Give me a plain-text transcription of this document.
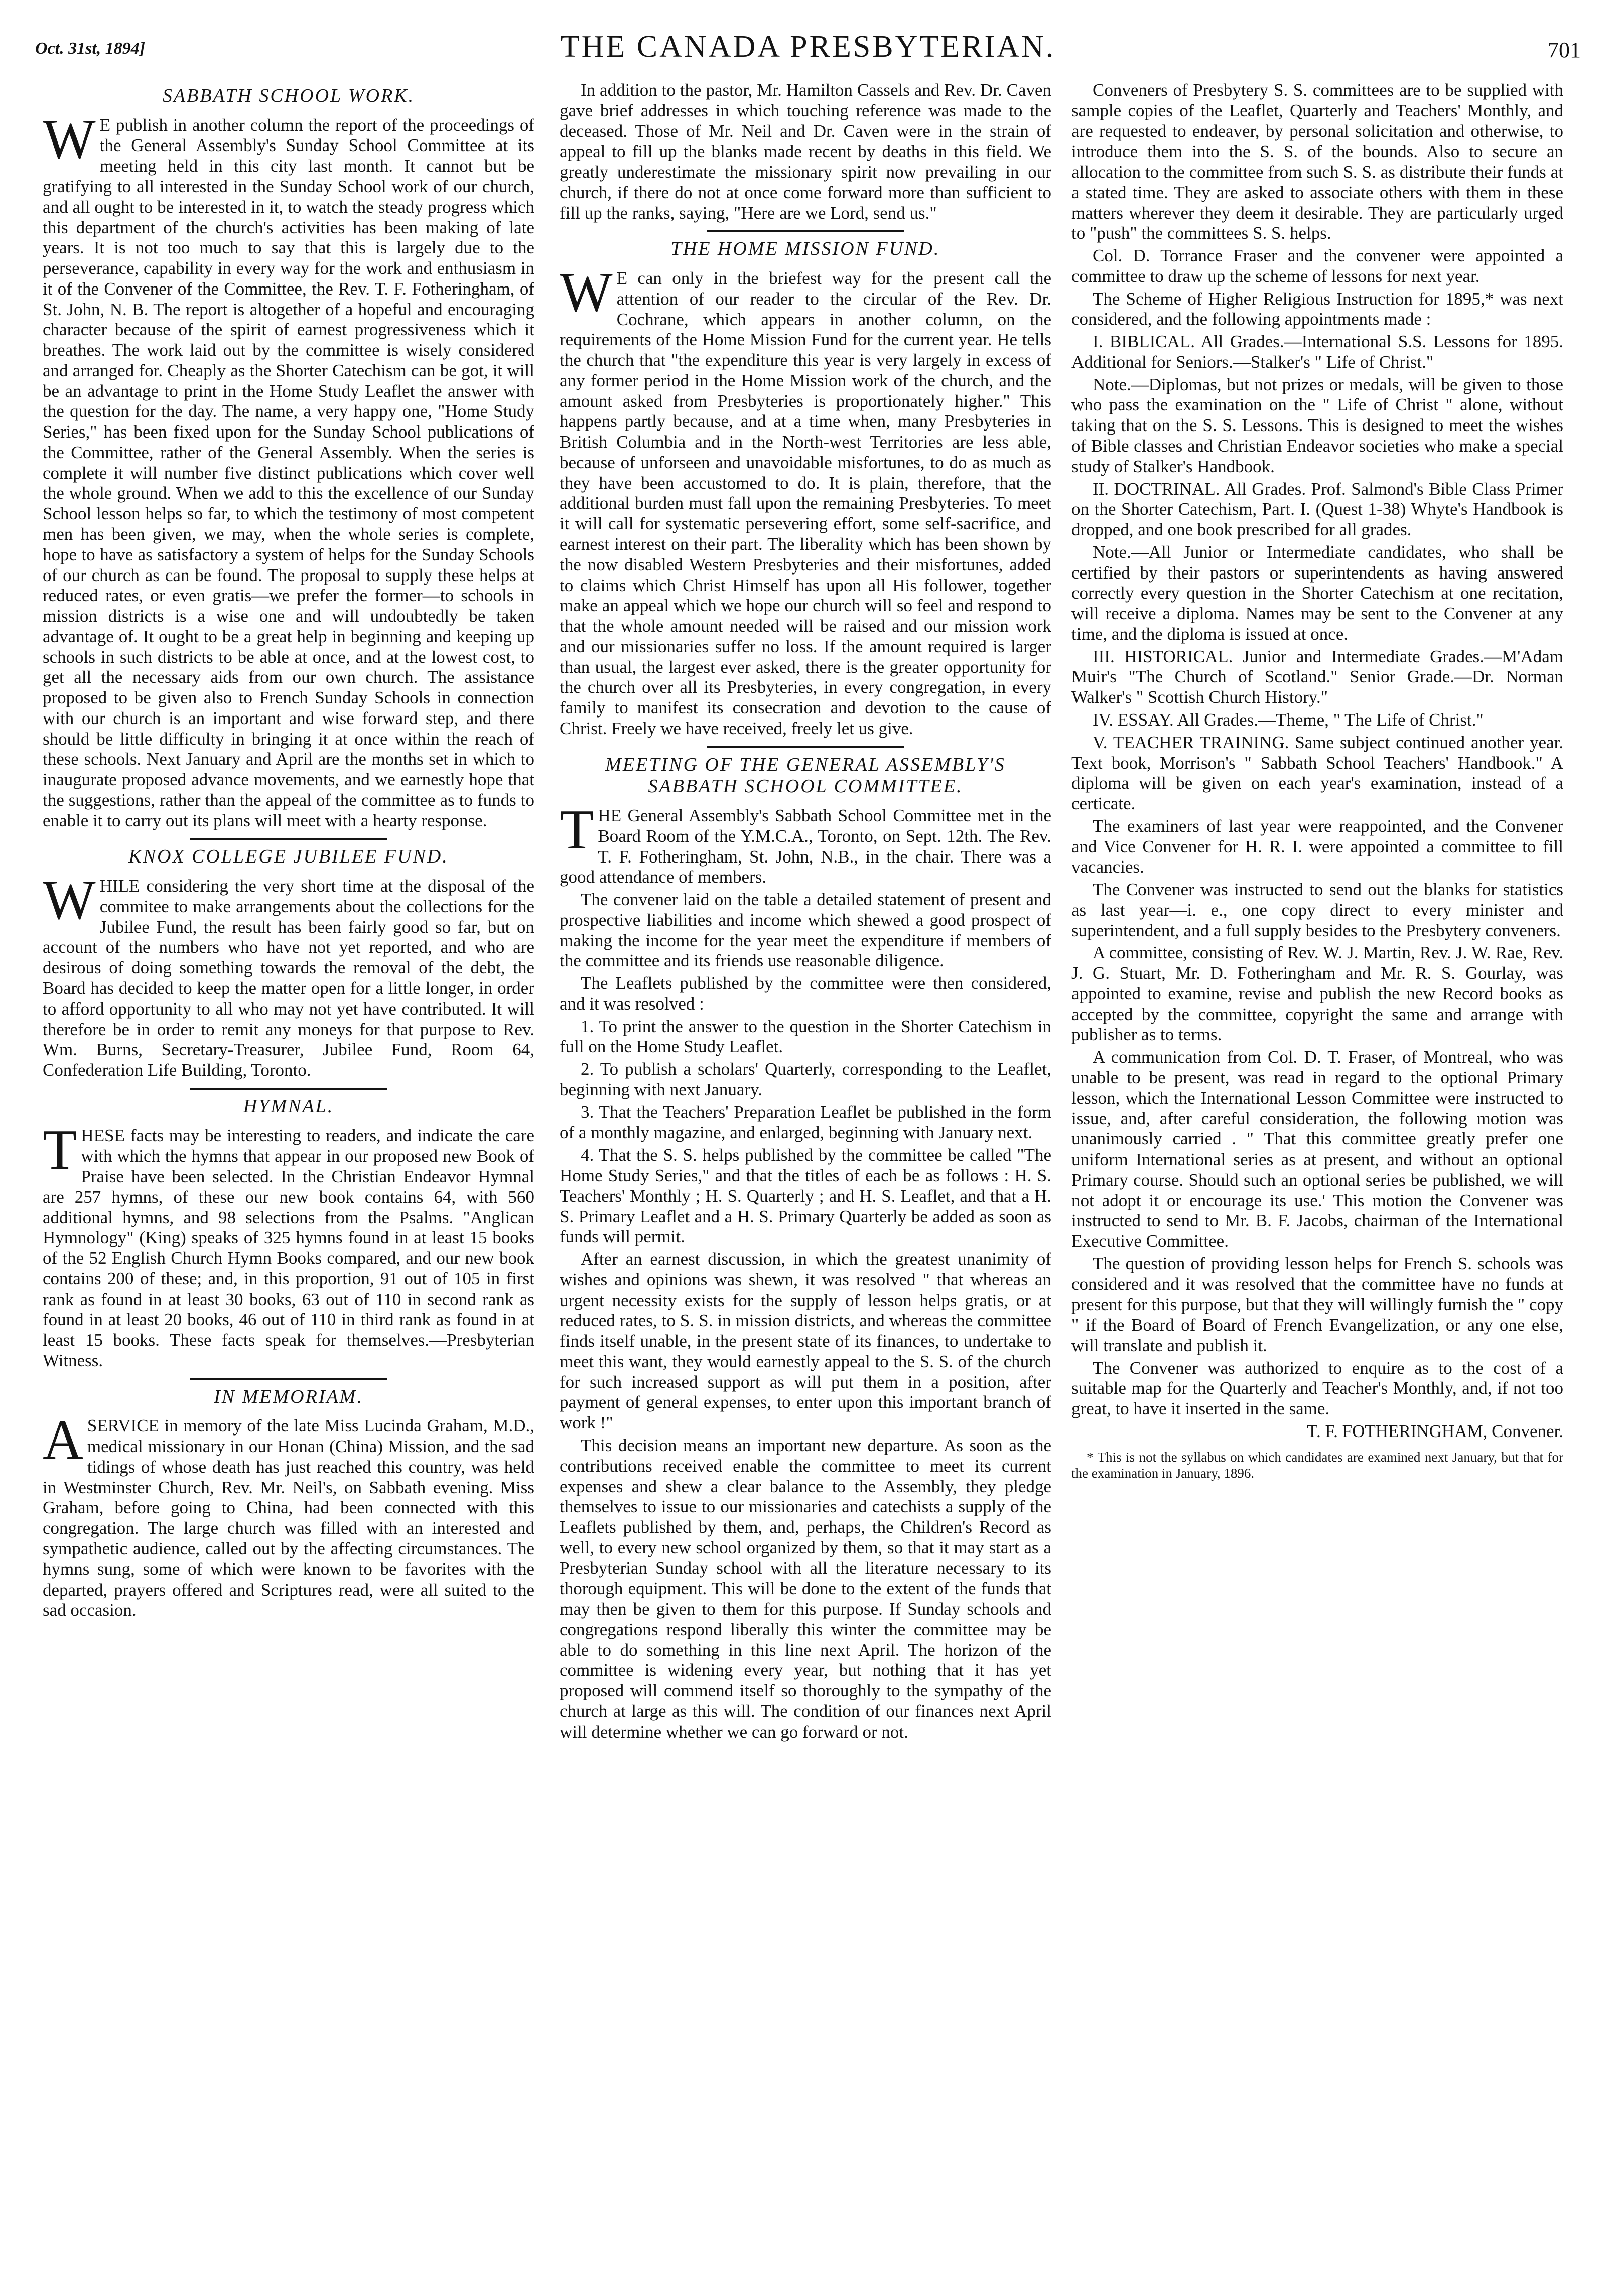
Oct. 31st, 1894]	THE CANADA PRESBYTERIAN.	701
SABBATH SCHOOL WORK.

W E publish in another column the report of the proceedings of the General Assembly's Sunday School Committee at its meeting held in this city last month. It cannot but be gratifying to all interested in the Sunday School work of our church, and all ought to be interested in it, to watch the steady progress which this department of the church's activities has been making of late years. It is not too much to say that this is largely due to the perseverance, capability in every way for the work and enthusiasm in it of the Convener of the Committee, the Rev. T. F. Fotheringham, of St. John, N. B. The report is altogether of a hopeful and encouraging character because of the spirit of earnest progressiveness which it breathes. The work laid out by the committee is wisely considered and arranged for. Cheaply as the Shorter Catechism can be got, it will be an advantage to print in the Home Study Leaflet the answer with the question for the day. The name, a very happy one, "Home Study Series," has been fixed upon for the Sunday School publications of the Committee, rather of the General Assembly. When the series is complete it will number five distinct publications which cover well the whole ground. When we add to this the excellence of our Sunday School lesson helps so far, to which the testimony of most competent men has been given, we may, when the whole series is complete, hope to have as satisfactory a system of helps for the Sunday Schools of our church as can be found. The proposal to supply these helps at reduced rates, or even gratis—we prefer the former—to schools in mission districts is a wise one and will undoubtedly be taken advantage of. It ought to be a great help in beginning and keeping up schools in such districts to be able at once, and at the lowest cost, to get all the necessary aids from our own church. The assistance proposed to be given also to French Sunday Schools in connection with our church is an important and wise forward step, and there should be little difficulty in bringing it at once within the reach of these schools. Next January and April are the months set in which to inaugurate proposed advance movements, and we earnestly hope that the suggestions, rather than the appeal of the committee as to funds to enable it to carry out its plans will meet with a hearty response.

KNOX COLLEGE JUBILEE FUND.

WHILE considering the very short time at the disposal of the commitee to make arrangements about the collections for the Jubilee Fund, the result has been fairly good so far, but on account of the numbers who have not yet reported, and who are desirous of doing something towards the removal of the debt, the Board has decided to keep the matter open for a little longer, in order to afford opportunity to all who may not yet have contributed. It will therefore be in order to remit any moneys for that purpose to Rev. Wm. Burns, Secretary-Treasurer, Jubilee Fund, Room 64, Confederation Life Building, Toronto.

HYMNAL.

THESE facts may be interesting to readers, and indicate the care with which the hymns that appear in our proposed new Book of Praise have been selected. In the Christian Endeavor Hymnal are 257 hymns, of these our new book contains 64, with 560 additional hymns, and 98 selections from the Psalms. "Anglican Hymnology" (King) speaks of 325 hymns found in at least 15 books of the 52 English Church Hymn Books compared, and our new book contains 200 of these; and, in this proportion, 91 out of 105 in first rank as found in at least 30 books, 63 out of 110 in second rank as found in at least 20 books, 46 out of 110 in third rank as found in at least 15 books. These facts speak for themselves.—Presbyterian Witness.

IN MEMORIAM.

A SERVICE in memory of the late Miss Lucinda Graham, M.D., medical missionary in our Honan (China) Mission, and the sad tidings of whose death has just reached this country, was held in Westminster Church, Rev. Mr. Neil's, on Sabbath evening. Miss Graham, before going to China, had been connected with this congregation. The large church was filled with an interested and sympathetic audience, called out by the affecting circumstances. The hymns sung, some of which were known to be favorites with the departed, prayers offered and Scriptures read, were all suited to the sad occasion.

In addition to the pastor, Mr. Hamilton Cassels and Rev. Dr. Caven gave brief addresses in which touching reference was made to the deceased. Those of Mr. Neil and Dr. Caven were in the strain of appeal to fill up the blanks made recent by deaths in this field. We greatly underestimate the missionary spirit now prevailing in our church, if there do not at once come forward more than sufficient to fill up the ranks, saying, "Here are we Lord, send us."

THE HOME MISSION FUND.

W E can only in the briefest way for the present call the attention of our reader to the circular of the Rev. Dr. Cochrane, which appears in another column, on the requirements of the Home Mission Fund for the current year. He tells the church that "the expenditure this year is very largely in excess of any former period in the Home Mission work of the church, and the amount asked from Presbyteries is proportionately higher." This happens partly because, and at a time when, many Presbyteries in British Columbia and in the North-west Territories are less able, because of unforseen and unavoidable misfortunes, to do as much as they have been accustomed to do. It is plain, therefore, that the additional burden must fall upon the remaining Presbyteries. To meet it will call for systematic persevering effort, some self-sacrifice, and earnest interest on their part. The liberality which has been shown by the now disabled Western Presbyteries and their misfortunes, added to claims which Christ Himself has upon all His follower, together make an appeal which we hope our church will so feel and respond to that the whole amount needed will be raised and our mission work and our missionaries suffer no loss. If the amount required is larger than usual, the largest ever asked, there is the greater opportunity for the church over all its Presbyteries, in every congregation, in every family to manifest its consecration and devotion to the cause of Christ. Freely we have received, freely let us give.

MEETING OF THE GENERAL ASSEMBLY'S SABBATH SCHOOL COMMITTEE.

THE General Assembly's Sabbath School Committee met in the Board Room of the Y.M.C.A., Toronto, on Sept. 12th. The Rev. T. F. Fotheringham, St. John, N.B., in the chair. There was a good attendance of members.

The convener laid on the table a detailed statement of present and prospective liabilities and income which shewed a good prospect of making the income for the year meet the expenditure if members of the committee and its friends use reasonable diligence.

The Leaflets published by the committee were then considered, and it was resolved :

1. To print the answer to the question in the Shorter Catechism in full on the Home Study Leaflet.

2. To publish a scholars' Quarterly, corresponding to the Leaflet, beginning with next January.

3. That the Teachers' Preparation Leaflet be published in the form of a monthly magazine, and enlarged, beginning with January next.

4. That the S. S. helps published by the committee be called "The Home Study Series," and that the titles of each be as follows : H. S. Teachers' Monthly ; H. S. Quarterly ; and H. S. Leaflet, and that a H. S. Primary Leaflet and a H. S. Primary Quarterly be added as soon as funds will permit.

After an earnest discussion, in which the greatest unanimity of wishes and opinions was shewn, it was resolved " that whereas an urgent necessity exists for the supply of lesson helps gratis, or at reduced rates, to S. S. in mission districts, and whereas the committee finds itself unable, in the present state of its finances, to undertake to meet this want, they would earnestly appeal to the S. S. of the church for such increased support as will put them in a position, after payment of general expenses, to enter upon this important branch of work !"

This decision means an important new departure. As soon as the contributions received enable the committee to meet its current expenses and shew a clear balance to the Assembly, they pledge themselves to issue to our missionaries and catechists a supply of the Leaflets published by them, and, perhaps, the Children's Record as well, to every new school organized by them, so that it may start as a Presbyterian Sunday school with all the literature necessary to its thorough equipment. This will be done to the extent of the funds that may then be given to them for this purpose. If Sunday schools and congregations respond liberally this winter the committee may be able to do something in this line next April. The horizon of the committee is widening every year, but nothing that it has yet proposed will commend itself so thoroughly to the sympathy of the church at large as this will. The condition of our finances next April will determine whether we can go forward or not.

Conveners of Presbytery S. S. committees are to be supplied with sample copies of the Leaflet, Quarterly and Teachers' Monthly, and are requested to endeaver, by personal solicitation and otherwise, to introduce them into the S. S. of the bounds. Also to secure an allocation to the committee from such S. S. as distribute their funds at a stated time. They are asked to associate others with them in these matters wherever they deem it desirable. They are particularly urged to "push" the committees S. S. helps.

Col. D. Torrance Fraser and the convener were appointed a committee to draw up the scheme of lessons for next year.

The Scheme of Higher Religious Instruction for 1895,* was next considered, and the following appointments made :

I. BIBLICAL. All Grades.—International S.S. Lessons for 1895. Additional for Seniors.—Stalker's " Life of Christ."

Note.—Diplomas, but not prizes or medals, will be given to those who pass the examination on the " Life of Christ " alone, without taking that on the S. S. Lessons. This is designed to meet the wishes of Bible classes and Christian Endeavor societies who make a special study of Stalker's Handbook.

II. DOCTRINAL. All Grades. Prof. Salmond's Bible Class Primer on the Shorter Catechism, Part. I. (Quest 1-38) Whyte's Handbook is dropped, and one book prescribed for all grades.

Note.—All Junior or Intermediate candidates, who shall be certified by their pastors or superintendents as having answered correctly every question in the Shorter Catechism at one recitation, will receive a diploma. Names may be sent to the Convener at any time, and the diploma is issued at once.

III. HISTORICAL. Junior and Intermediate Grades.—M'Adam Muir's "The Church of Scotland." Senior Grade.—Dr. Norman Walker's " Scottish Church History."

IV. ESSAY. All Grades.—Theme, " The Life of Christ."

V. TEACHER TRAINING. Same subject continued another year. Text book, Morrison's " Sabbath School Teachers' Handbook." A diploma will be given on each year's examination, instead of a certicate.

The examiners of last year were reappointed, and the Convener and Vice Convener for H. R. I. were appointed a committee to fill vacancies.

The Convener was instructed to send out the blanks for statistics as last year—i. e., one copy direct to every minister and superintendent, and a full supply besides to the Presbytery conveners.

A committee, consisting of Rev. W. J. Martin, Rev. J. W. Rae, Rev. J. G. Stuart, Mr. D. Fotheringham and Mr. R. S. Gourlay, was appointed to examine, revise and publish the new Record books as accepted by the committee, copyright the same and arrange with publisher as to terms.

A communication from Col. D. T. Fraser, of Montreal, who was unable to be present, was read in regard to the optional Primary lesson, which the International Lesson Committee were instructed to issue, and, after careful consideration, the following motion was unanimously carried . " That this committee greatly prefer one uniform International series as at present, and without an optional Primary course. Should such an optional series be published, we will not adopt it or encourage its use.' This motion the Convener was instructed to send to Mr. B. F. Jacobs, chairman of the International Executive Committee.

The question of providing lesson helps for French S. schools was considered and it was resolved that the committee have no funds at present for this purpose, but that they will willingly furnish the " copy " if the Board of Board of French Evangelization, or any one else, will translate and publish it.

The Convener was authorized to enquire as to the cost of a suitable map for the Quarterly and Teacher's Monthly, and, if not too great, to have it inserted in the same.

T. F. FOTHERINGHAM, Convener.

* This is not the syllabus on which candidates are examined next January, but that for the examination in January, 1896.
